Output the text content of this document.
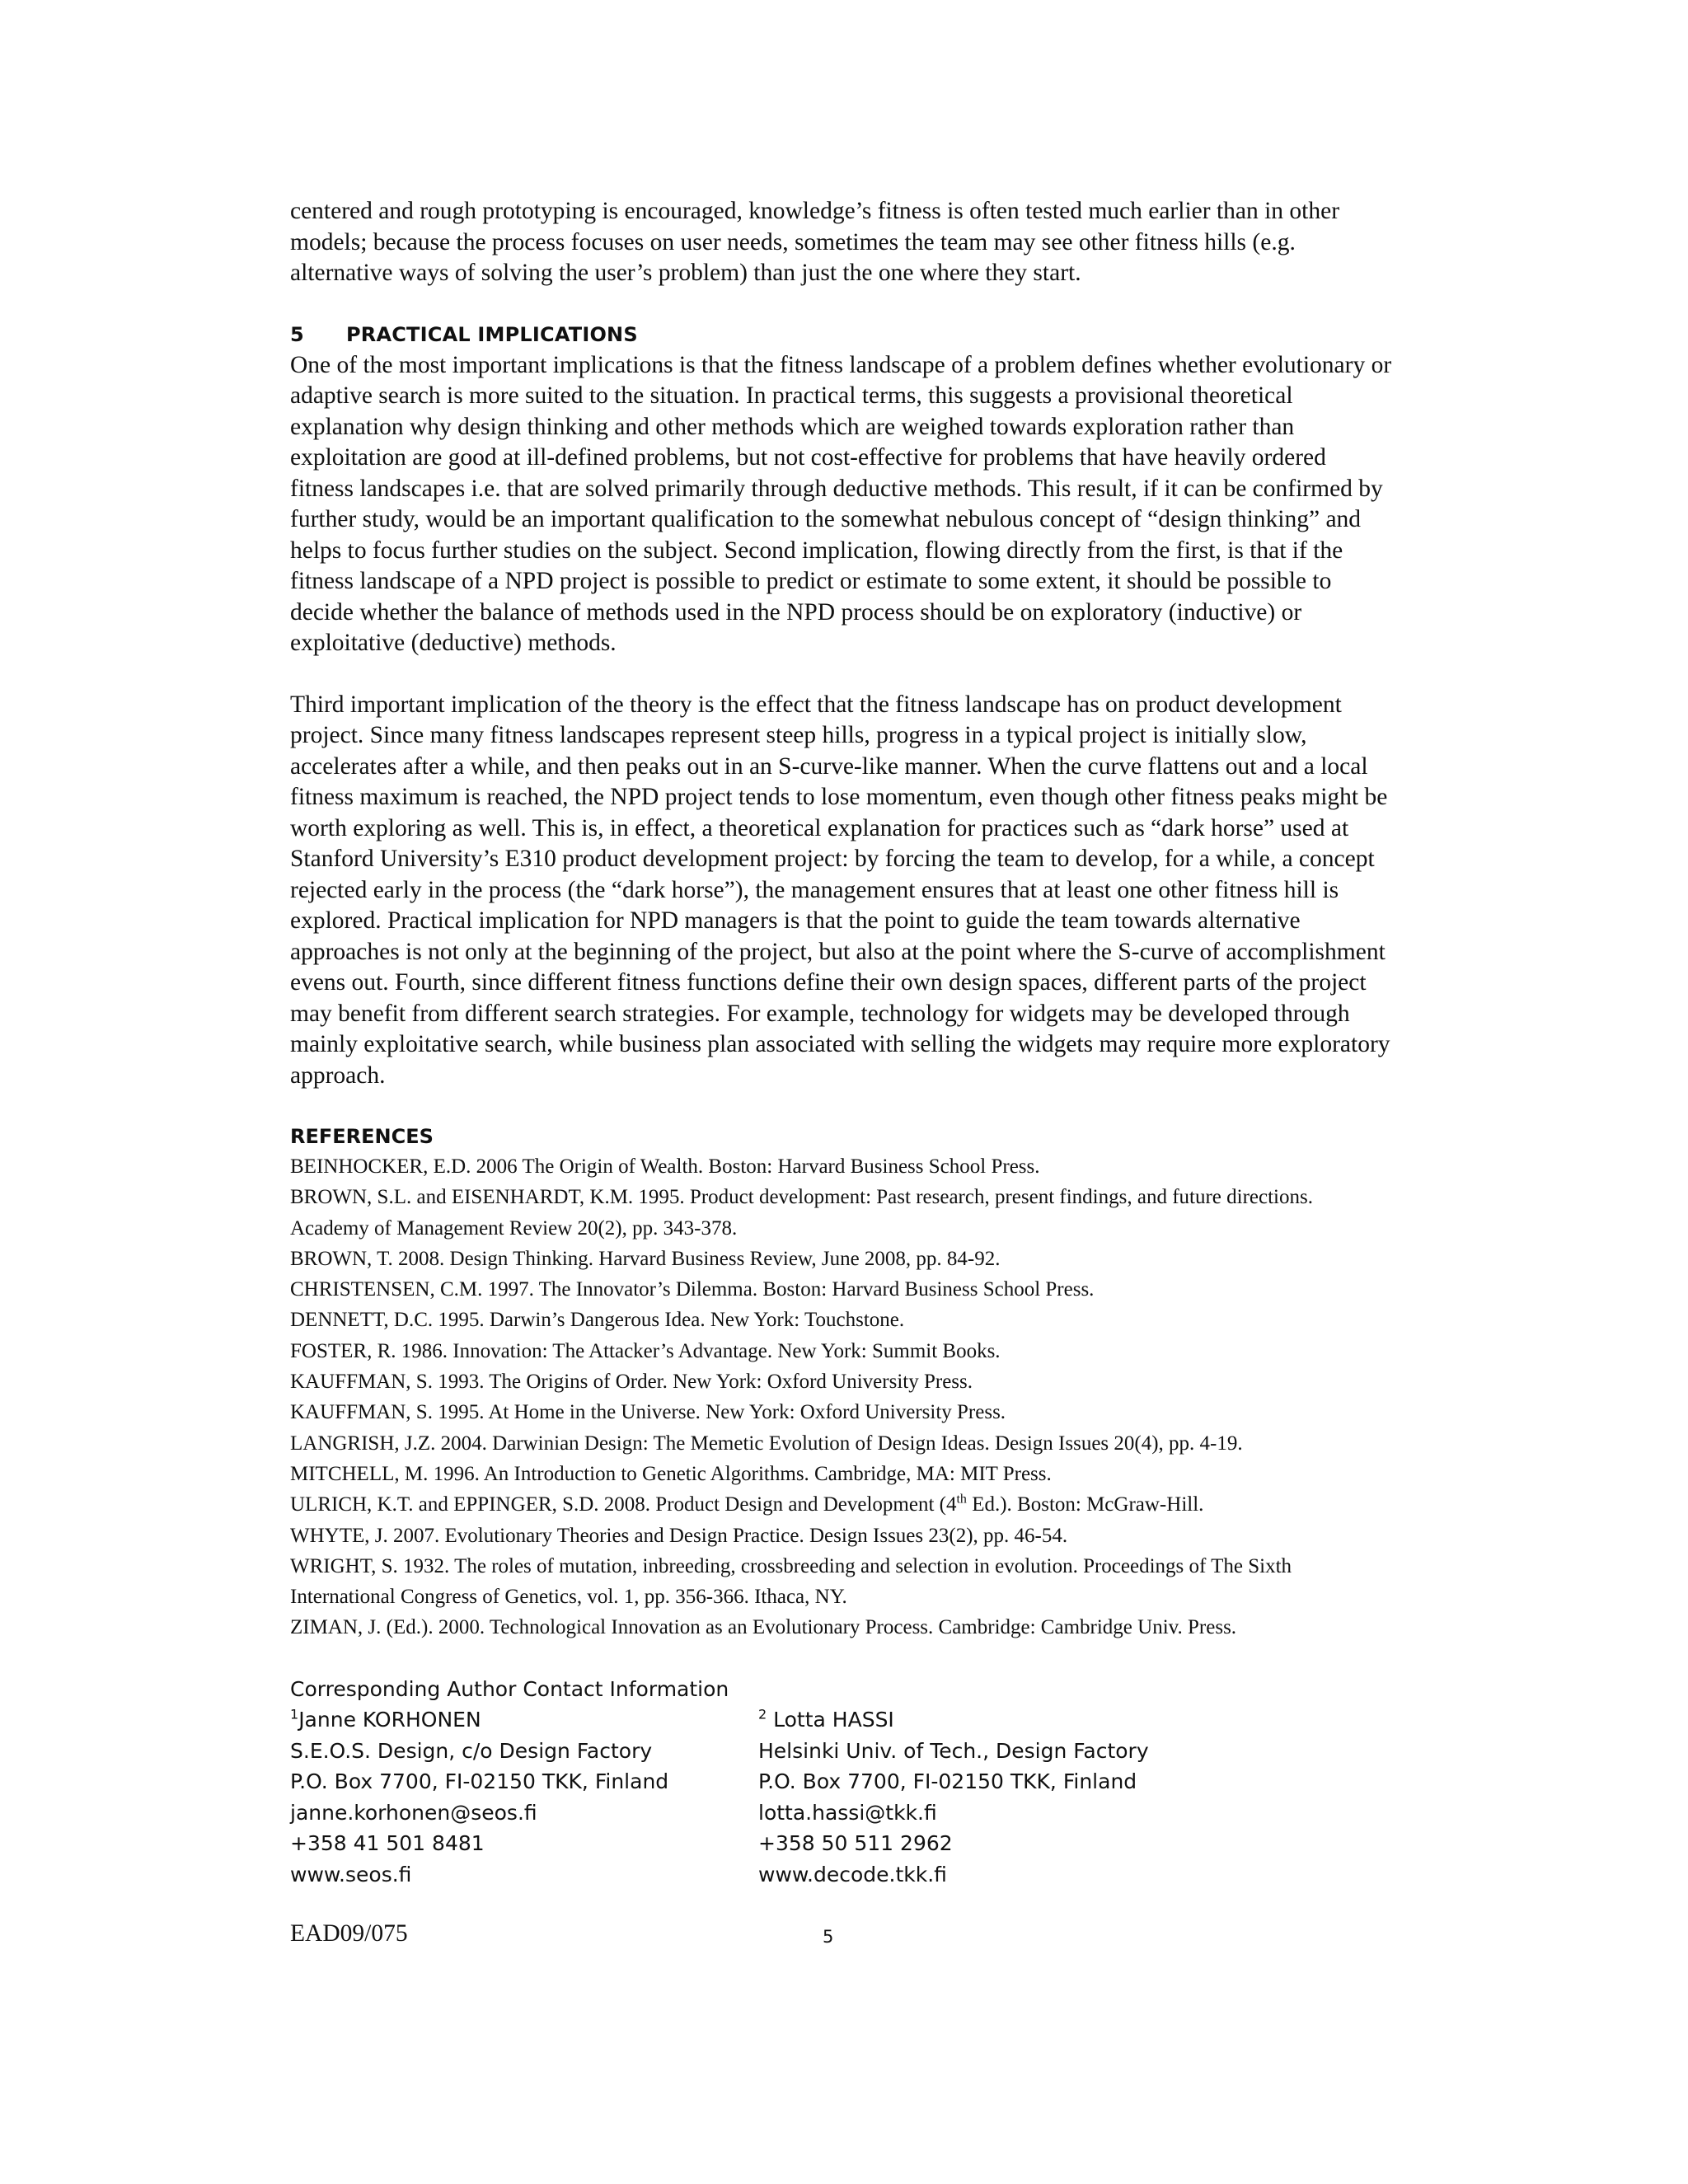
centered and rough prototyping is encouraged, knowledge’s fitness is often tested much earlier than in other models; because the process focuses on user needs, sometimes the team may see other fitness hills (e.g. alternative ways of solving the user’s problem) than just the one where they start.

5 PRACTICAL IMPLICATIONS

One of the most important implications is that the fitness landscape of a problem defines whether evolutionary or adaptive search is more suited to the situation. In practical terms, this suggests a provisional theoretical explanation why design thinking and other methods which are weighed towards exploration rather than exploitation are good at ill-defined problems, but not cost-effective for problems that have heavily ordered fitness landscapes i.e. that are solved primarily through deductive methods. This result, if it can be confirmed by further study, would be an important qualification to the somewhat nebulous concept of “design thinking” and helps to focus further studies on the subject. Second implication, flowing directly from the first, is that if the fitness landscape of a NPD project is possible to predict or estimate to some extent, it should be possible to decide whether the balance of methods used in the NPD process should be on exploratory (inductive) or exploitative (deductive) methods.

Third important implication of the theory is the effect that the fitness landscape has on product development project. Since many fitness landscapes represent steep hills, progress in a typical project is initially slow, accelerates after a while, and then peaks out in an S-curve-like manner. When the curve flattens out and a local fitness maximum is reached, the NPD project tends to lose momentum, even though other fitness peaks might be worth exploring as well. This is, in effect, a theoretical explanation for practices such as “dark horse” used at Stanford University’s E310 product development project: by forcing the team to develop, for a while, a concept rejected early in the process (the “dark horse”), the management ensures that at least one other fitness hill is explored. Practical implication for NPD managers is that the point to guide the team towards alternative approaches is not only at the beginning of the project, but also at the point where the S-curve of accomplishment evens out. Fourth, since different fitness functions define their own design spaces, different parts of the project may benefit from different search strategies. For example, technology for widgets may be developed through mainly exploitative search, while business plan associated with selling the widgets may require more exploratory approach.

REFERENCES
BEINHOCKER, E.D. 2006 The Origin of Wealth. Boston: Harvard Business School Press.
BROWN, S.L. and EISENHARDT, K.M. 1995. Product development: Past research, present findings, and future directions. Academy of Management Review 20(2), pp. 343-378.
BROWN, T. 2008. Design Thinking. Harvard Business Review, June 2008, pp. 84-92.
CHRISTENSEN, C.M. 1997. The Innovator’s Dilemma. Boston: Harvard Business School Press.
DENNETT, D.C. 1995. Darwin’s Dangerous Idea. New York: Touchstone.
FOSTER, R. 1986. Innovation: The Attacker’s Advantage. New York: Summit Books.
KAUFFMAN, S. 1993. The Origins of Order. New York: Oxford University Press.
KAUFFMAN, S. 1995. At Home in the Universe. New York: Oxford University Press.
LANGRISH, J.Z. 2004. Darwinian Design: The Memetic Evolution of Design Ideas. Design Issues 20(4), pp. 4-19.
MITCHELL, M. 1996. An Introduction to Genetic Algorithms. Cambridge, MA: MIT Press.
ULRICH, K.T. and EPPINGER, S.D. 2008. Product Design and Development (4th Ed.). Boston: McGraw-Hill.
WHYTE, J. 2007. Evolutionary Theories and Design Practice. Design Issues 23(2), pp. 46-54.
WRIGHT, S. 1932. The roles of mutation, inbreeding, crossbreeding and selection in evolution. Proceedings of The Sixth International Congress of Genetics, vol. 1, pp. 356-366. Ithaca, NY.
ZIMAN, J. (Ed.). 2000. Technological Innovation as an Evolutionary Process. Cambridge: Cambridge Univ. Press.

Corresponding Author Contact Information

$^1$Janne KORHONEN
S.E.O.S. Design, c/o Design Factory
P.O. Box 7700, FI-02150 TKK, Finland
janne.korhonen@seos.fi
+358 41 501 8481
www.seos.fi
$^2$ Lotta HASSI
Helsinki Univ. of Tech., Design Factory
P.O. Box 7700, FI-02150 TKK, Finland
lotta.hassi@tkk.fi
+358 50 511 2962
www.decode.tkk.fi
EAD09/075	5
